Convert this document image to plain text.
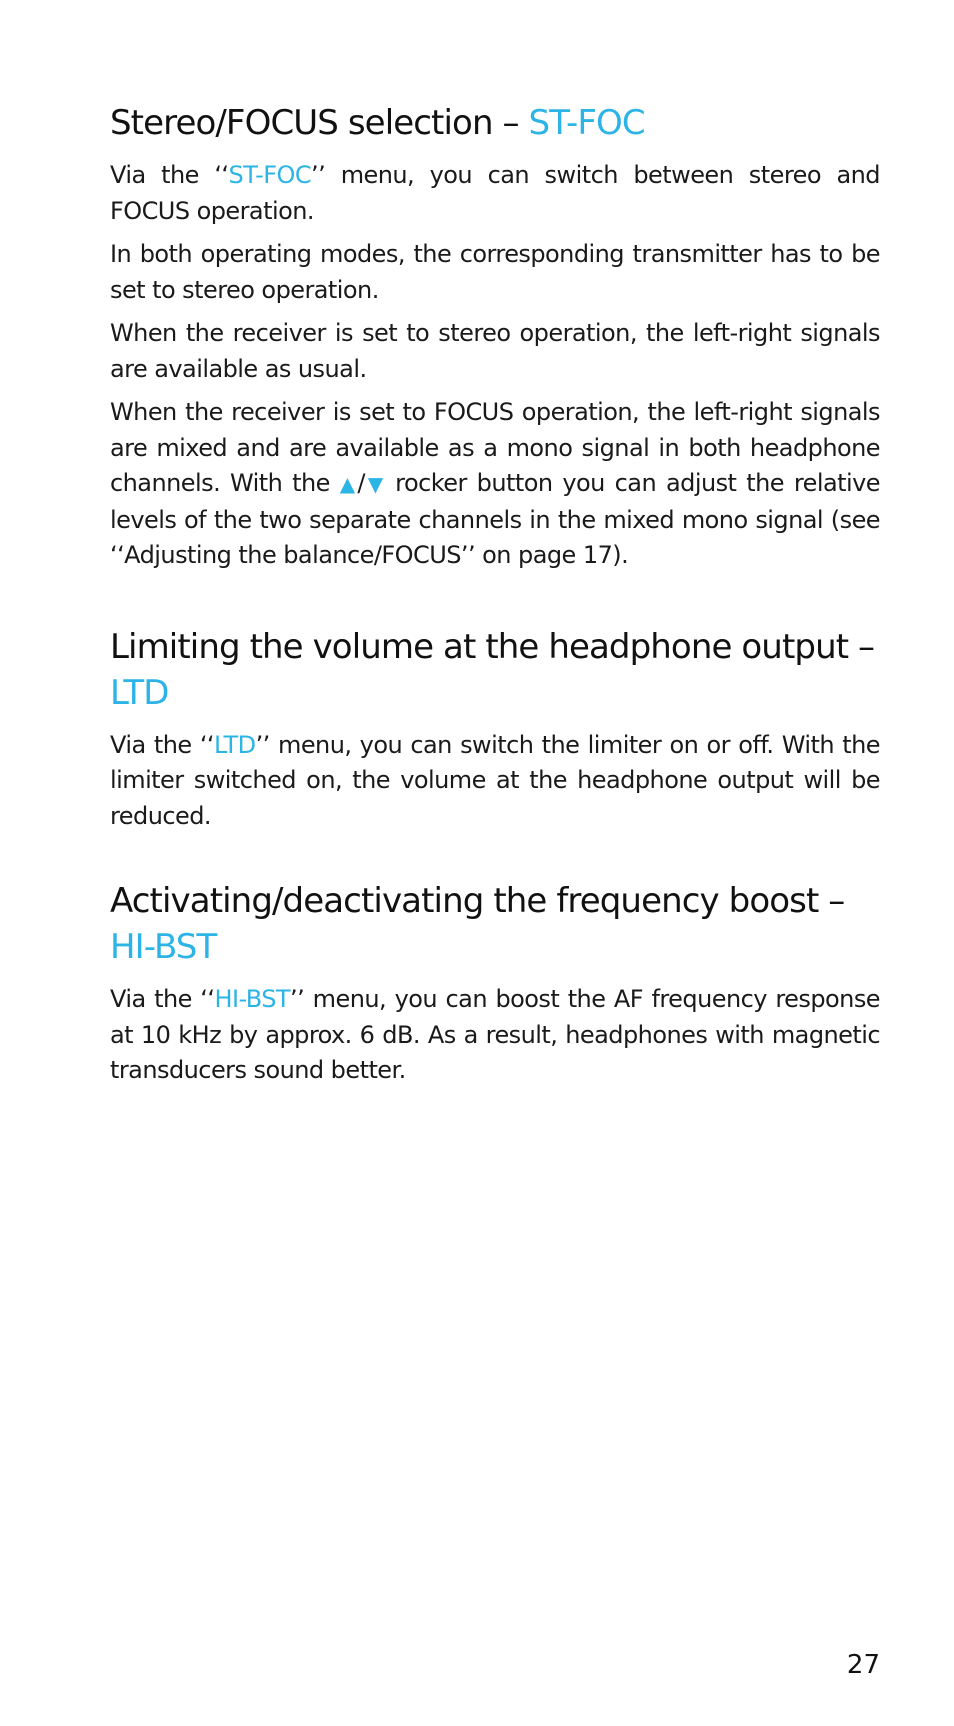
Stereo/FOCUS selection – ST-FOC

Via the ‘‘ST-FOC’’ menu, you can switch between stereo and FOCUS operation.

In both operating modes, the corresponding transmitter has to be set to stereo operation.

When the receiver is set to stereo operation, the left-right signals are available as usual.

When the receiver is set to FOCUS operation, the left-right signals are mixed and are available as a mono signal in both headphone channels. With the ▲/▼ rocker button you can adjust the relative levels of the two separate channels in the mixed mono signal (see ‘‘Adjusting the balance/FOCUS’’ on page 17).

Limiting the volume at the headphone output –
LTD

Via the ‘‘LTD’’ menu, you can switch the limiter on or off. With the limiter switched on, the volume at the headphone output will be reduced.

Activating/deactivating the frequency boost –
HI-BST

Via the ‘‘HI-BST’’ menu, you can boost the AF frequency response at 10 kHz by approx. 6 dB. As a result, headphones with magnetic transducers sound better.

27
